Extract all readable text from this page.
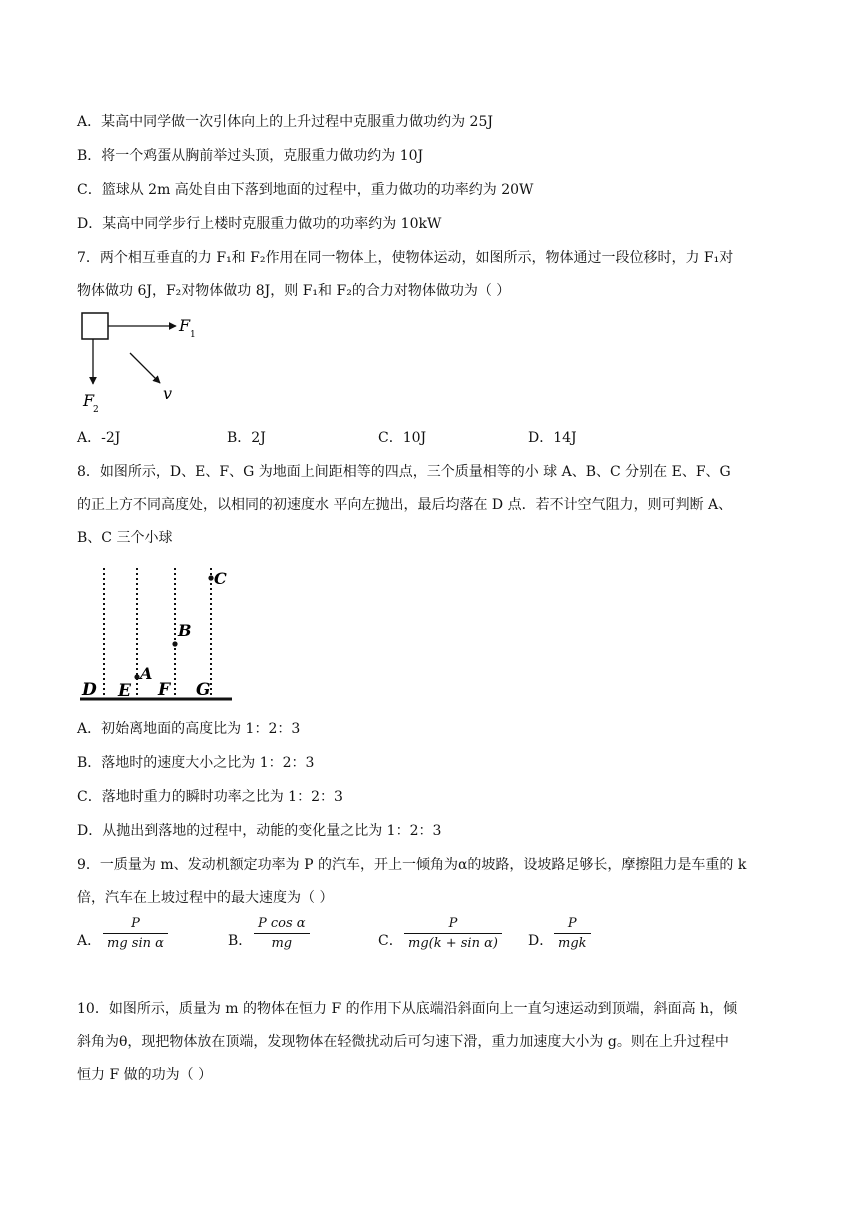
A．某高中同学做一次引体向上的上升过程中克服重力做功约为 25J
B．将一个鸡蛋从胸前举过头顶，克服重力做功约为 10J
C．篮球从 2m 高处自由下落到地面的过程中，重力做功的功率约为 20W
D．某高中同学步行上楼时克服重力做功的功率约为 10kW
7．两个相互垂直的力 F₁和 F₂作用在同一物体上，使物体运动，如图所示，物体通过一段位移时，力 F₁对
物体做功 6J，F₂对物体做功 8J，则 F₁和 F₂的合力对物体做功为（ ）
F 1
F
2
v
A．-2J	B．2J	C．10J	D．14J
8．如图所示，D、E、F、G 为地面上间距相等的四点，三个质量相等的小 球 A、B、C 分别在 E、F、G
的正上方不同高度处，以相同的初速度水 平向左抛出，最后均落在 D 点．若不计空气阻力，则可判断 A、
B、C 三个小球
A
B
C
D E F G
A．初始离地面的高度比为 1：2：3
B．落地时的速度大小之比为 1：2：3
C．落地时重力的瞬时功率之比为 1：2：3
D．从抛出到落地的过程中，动能的变化量之比为 1：2：3
9．一质量为 m、发动机额定功率为 P 的汽车，开上一倾角为α的坡路，设坡路足够长，摩擦阻力是车重的 k
倍，汽车在上坡过程中的最大速度为（ ）
A．
P
mg sin α	B．
P cos α
mg	C．
P
mg(k + sin α) D．
P
mgk
10．如图所示，质量为 m 的物体在恒力 F 的作用下从底端沿斜面向上一直匀速运动到顶端，斜面高 h，倾
斜角为θ，现把物体放在顶端，发现物体在轻微扰动后可匀速下滑，重力加速度大小为 g。则在上升过程中
恒力 F 做的功为（ ）
